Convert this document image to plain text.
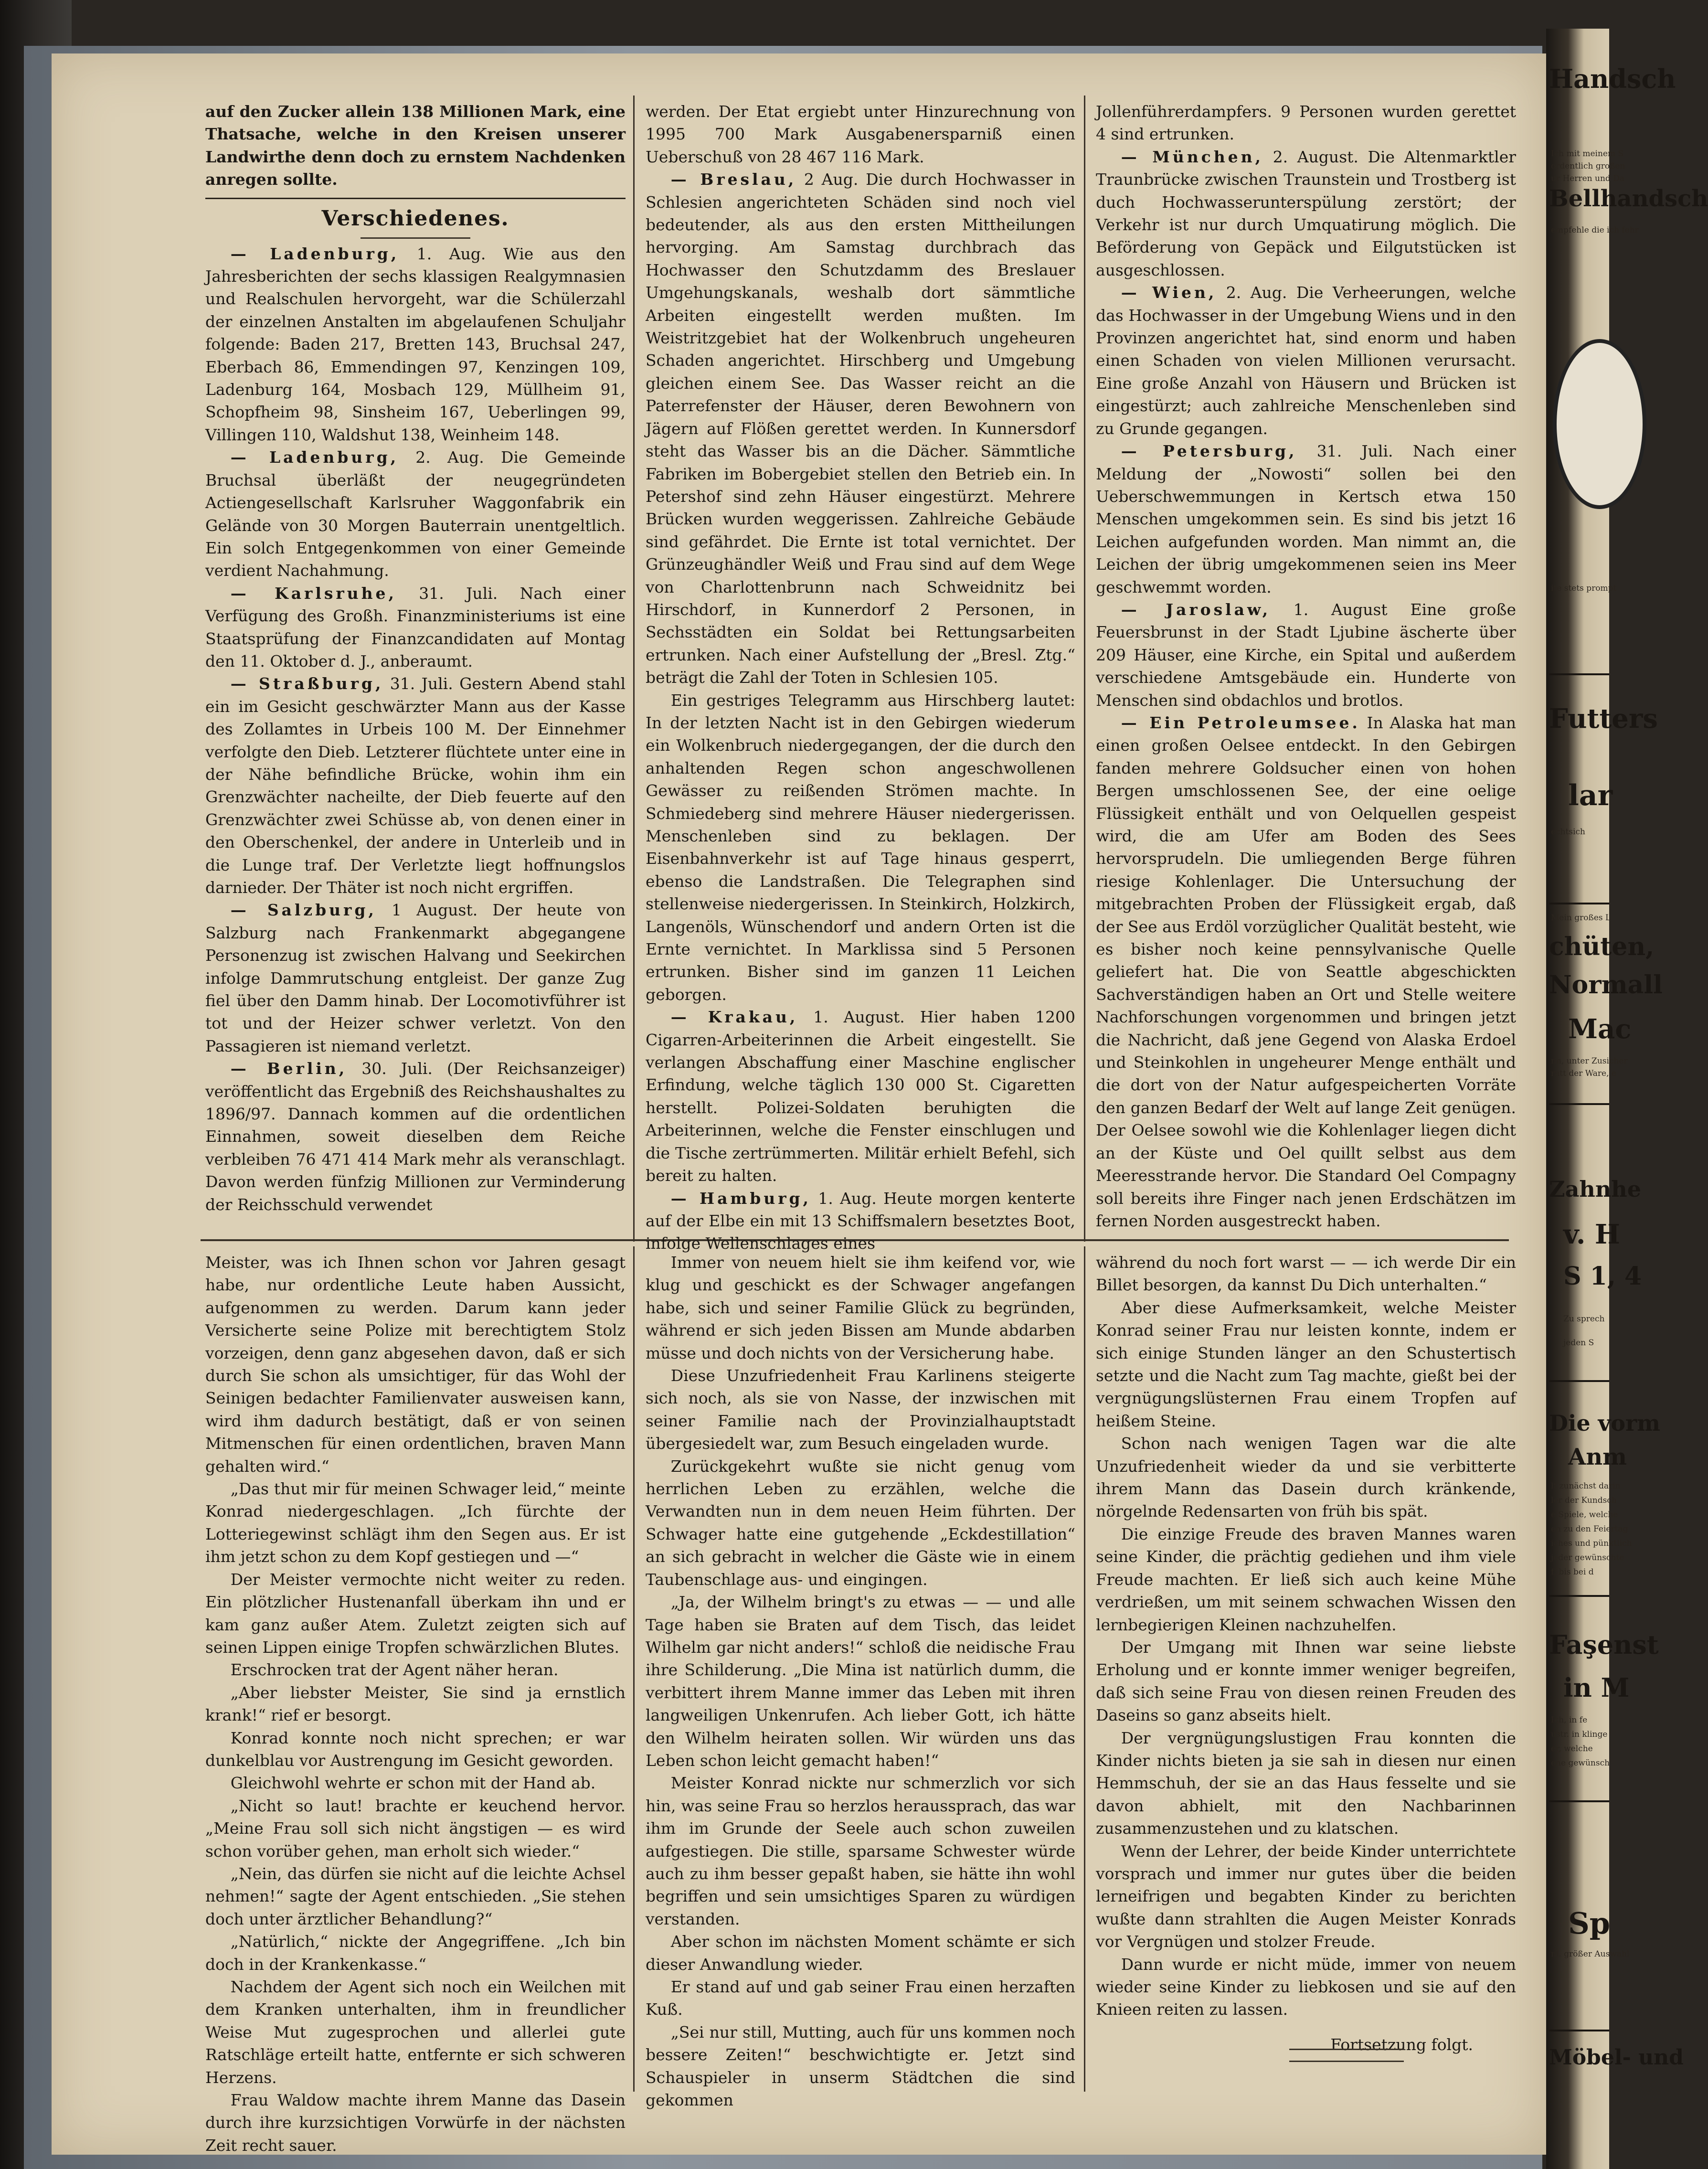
auf den Zucker allein 138 Millionen Mark, eine Thatsache, welche in den Kreisen unserer Landwirthe denn doch zu ernstem Nachdenken anregen sollte.

Verschiedenes.

— Ladenburg, 1. Aug. Wie aus den Jahresberichten der sechs klassigen Realgymnasien und Realschulen hervorgeht, war die Schülerzahl der einzelnen Anstalten im abgelaufenen Schuljahr folgende: Baden 217, Bretten 143, Bruchsal 247, Eberbach 86, Emmendingen 97, Kenzingen 109, Ladenburg 164, Mosbach 129, Müllheim 91, Schopfheim 98, Sinsheim 167, Ueberlingen 99, Villingen 110, Waldshut 138, Weinheim 148.

— Ladenburg, 2. Aug. Die Gemeinde Bruchsal überläßt der neugegründeten Actiengesellschaft Karlsruher Waggonfabrik ein Gelände von 30 Morgen Bauterrain unentgeltlich. Ein solch Entgegenkommen von einer Gemeinde verdient Nachahmung.

— Karlsruhe, 31. Juli. Nach einer Verfügung des Großh. Finanzministeriums ist eine Staatsprüfung der Finanzcandidaten auf Montag den 11. Oktober d. J., anberaumt.

— Straßburg, 31. Juli. Gestern Abend stahl ein im Gesicht geschwärzter Mann aus der Kasse des Zollamtes in Urbeis 100 M. Der Einnehmer verfolgte den Dieb. Letzterer flüchtete unter eine in der Nähe befindliche Brücke, wohin ihm ein Grenzwächter nacheilte, der Dieb feuerte auf den Grenzwächter zwei Schüsse ab, von denen einer in den Oberschenkel, der andere in Unterleib und in die Lunge traf. Der Verletzte liegt hoffnungslos darnieder. Der Thäter ist noch nicht ergriffen.

— Salzburg, 1 August. Der heute von Salzburg nach Frankenmarkt abgegangene Personenzug ist zwischen Halvang und Seekirchen infolge Dammrutschung entgleist. Der ganze Zug fiel über den Damm hinab. Der Locomotivführer ist tot und der Heizer schwer verletzt. Von den Passagieren ist niemand verletzt.

— Berlin, 30. Juli. (Der Reichsanzeiger) veröffentlicht das Ergebniß des Reichshaushaltes zu 1896/97. Dannach kommen auf die ordentlichen Einnahmen, soweit dieselben dem Reiche verbleiben 76 471 414 Mark mehr als veranschlagt. Davon werden fünfzig Millionen zur Verminderung der Reichsschuld verwendet

werden. Der Etat ergiebt unter Hinzurechnung von 1995 700 Mark Ausgabenersparniß einen Ueberschuß von 28 467 116 Mark.

— Breslau, 2 Aug. Die durch Hochwasser in Schlesien angerichteten Schäden sind noch viel bedeutender, als aus den ersten Mittheilungen hervorging. Am Samstag durchbrach das Hochwasser den Schutzdamm des Breslauer Umgehungskanals, weshalb dort sämmtliche Arbeiten eingestellt werden mußten. Im Weistritzgebiet hat der Wolkenbruch ungeheuren Schaden angerichtet. Hirschberg und Umgebung gleichen einem See. Das Wasser reicht an die Paterrefenster der Häuser, deren Bewohnern von Jägern auf Flößen gerettet werden. In Kunnersdorf steht das Wasser bis an die Dächer. Sämmtliche Fabriken im Bobergebiet stellen den Betrieb ein. In Petershof sind zehn Häuser eingestürzt. Mehrere Brücken wurden weggerissen. Zahlreiche Gebäude sind gefährdet. Die Ernte ist total vernichtet. Der Grünzeughändler Weiß und Frau sind auf dem Wege von Charlottenbrunn nach Schweidnitz bei Hirschdorf, in Kunnerdorf 2 Personen, in Sechsstädten ein Soldat bei Rettungsarbeiten ertrunken. Nach einer Aufstellung der „Bresl. Ztg.“ beträgt die Zahl der Toten in Schlesien 105.

Ein gestriges Telegramm aus Hirschberg lautet: In der letzten Nacht ist in den Gebirgen wiederum ein Wolkenbruch niedergegangen, der die durch den anhaltenden Regen schon angeschwollenen Gewässer zu reißenden Strömen machte. In Schmiedeberg sind mehrere Häuser niedergerissen. Menschenleben sind zu beklagen. Der Eisenbahnverkehr ist auf Tage hinaus gesperrt, ebenso die Landstraßen. Die Telegraphen sind stellenweise niedergerissen. In Steinkirch, Holzkirch, Langenöls, Wünschendorf und andern Orten ist die Ernte vernichtet. In Marklissa sind 5 Personen ertrunken. Bisher sind im ganzen 11 Leichen geborgen.

— Krakau, 1. August. Hier haben 1200 Cigarren-Arbeiterinnen die Arbeit eingestellt. Sie verlangen Abschaffung einer Maschine englischer Erfindung, welche täglich 130 000 St. Cigaretten herstellt. Polizei-Soldaten beruhigten die Arbeiterinnen, welche die Fenster einschlugen und die Tische zertrümmerten. Militär erhielt Befehl, sich bereit zu halten.

— Hamburg, 1. Aug. Heute morgen kenterte auf der Elbe ein mit 13 Schiffsmalern besetztes Boot, infolge Wellenschlages eines

Jollenführerdampfers. 9 Personen wurden gerettet 4 sind ertrunken.

— München, 2. August. Die Altenmarktler Traunbrücke zwischen Traunstein und Trostberg ist duch Hochwasserunterspülung zerstört; der Verkehr ist nur durch Umquatirung möglich. Die Beförderung von Gepäck und Eilgutstücken ist ausgeschlossen.

— Wien, 2. Aug. Die Verheerungen, welche das Hochwasser in der Umgebung Wiens und in den Provinzen angerichtet hat, sind enorm und haben einen Schaden von vielen Millionen verursacht. Eine große Anzahl von Häusern und Brücken ist eingestürzt; auch zahlreiche Menschenleben sind zu Grunde gegangen.

— Petersburg, 31. Juli. Nach einer Meldung der „Nowosti“ sollen bei den Ueberschwemmungen in Kertsch etwa 150 Menschen umgekommen sein. Es sind bis jetzt 16 Leichen aufgefunden worden. Man nimmt an, die Leichen der übrig umgekommenen seien ins Meer geschwemmt worden.

— Jaroslaw, 1. August Eine große Feuersbrunst in der Stadt Ljubine äscherte über 209 Häuser, eine Kirche, ein Spital und außerdem verschiedene Amtsgebäude ein. Hunderte von Menschen sind obdachlos und brotlos.

— Ein Petroleumsee. In Alaska hat man einen großen Oelsee entdeckt. In den Gebirgen fanden mehrere Goldsucher einen von hohen Bergen umschlossenen See, der eine oelige Flüssigkeit enthält und von Oelquellen gespeist wird, die am Ufer am Boden des Sees hervorsprudeln. Die umliegenden Berge führen riesige Kohlenlager. Die Untersuchung der mitgebrachten Proben der Flüssigkeit ergab, daß der See aus Erdöl vorzüglicher Qualität besteht, wie es bisher noch keine pennsylvanische Quelle geliefert hat. Die von Seattle abgeschickten Sachverständigen haben an Ort und Stelle weitere Nachforschungen vorgenommen und bringen jetzt die Nachricht, daß jene Gegend von Alaska Erdoel und Steinkohlen in ungeheurer Menge enthält und die dort von der Natur aufgespeicherten Vorräte den ganzen Bedarf der Welt auf lange Zeit genügen. Der Oelsee sowohl wie die Kohlenlager liegen dicht an der Küste und Oel quillt selbst aus dem Meeresstrande hervor. Die Standard Oel Compagny soll bereits ihre Finger nach jenen Erdschätzen im fernen Norden ausgestreckt haben.

Meister, was ich Ihnen schon vor Jahren gesagt habe, nur ordentliche Leute haben Aussicht, aufgenommen zu werden. Darum kann jeder Versicherte seine Polize mit berechtigtem Stolz vorzeigen, denn ganz abgesehen davon, daß er sich durch Sie schon als umsichtiger, für das Wohl der Seinigen bedachter Familienvater ausweisen kann, wird ihm dadurch bestätigt, daß er von seinen Mitmenschen für einen ordentlichen, braven Mann gehalten wird.“

„Das thut mir für meinen Schwager leid,“ meinte Konrad niedergeschlagen. „Ich fürchte der Lotteriegewinst schlägt ihm den Segen aus. Er ist ihm jetzt schon zu dem Kopf gestiegen und —“

Der Meister vermochte nicht weiter zu reden. Ein plötzlicher Hustenanfall überkam ihn und er kam ganz außer Atem. Zuletzt zeigten sich auf seinen Lippen einige Tropfen schwärzlichen Blutes.

Erschrocken trat der Agent näher heran.

„Aber liebster Meister, Sie sind ja ernstlich krank!“ rief er besorgt.

Konrad konnte noch nicht sprechen; er war dunkelblau vor Austrengung im Gesicht geworden.

Gleichwohl wehrte er schon mit der Hand ab.

„Nicht so laut! brachte er keuchend hervor. „Meine Frau soll sich nicht ängstigen — es wird schon vorüber gehen, man erholt sich wieder.“

„Nein, das dürfen sie nicht auf die leichte Achsel nehmen!“ sagte der Agent entschieden. „Sie stehen doch unter ärztlicher Behandlung?“

„Natürlich,“ nickte der Angegriffene. „Ich bin doch in der Krankenkasse.“

Nachdem der Agent sich noch ein Weilchen mit dem Kranken unterhalten, ihm in freundlicher Weise Mut zugesprochen und allerlei gute Ratschläge erteilt hatte, entfernte er sich schweren Herzens.

Frau Waldow machte ihrem Manne das Dasein durch ihre kurzsichtigen Vorwürfe in der nächsten Zeit recht sauer.

Immer von neuem hielt sie ihm keifend vor, wie klug und geschickt es der Schwager angefangen habe, sich und seiner Familie Glück zu begründen, während er sich jeden Bissen am Munde abdarben müsse und doch nichts von der Versicherung habe.

Diese Unzufriedenheit Frau Karlinens steigerte sich noch, als sie von Nasse, der inzwischen mit seiner Familie nach der Provinzialhauptstadt übergesiedelt war, zum Besuch eingeladen wurde.

Zurückgekehrt wußte sie nicht genug vom herrlichen Leben zu erzählen, welche die Verwandten nun in dem neuen Heim führten. Der Schwager hatte eine gutgehende „Eckdestillation“ an sich gebracht in welcher die Gäste wie in einem Taubenschlage aus- und eingingen.

„Ja, der Wilhelm bringt's zu etwas — — und alle Tage haben sie Braten auf dem Tisch, das leidet Wilhelm gar nicht anders!“ schloß die neidische Frau ihre Schilderung. „Die Mina ist natürlich dumm, die verbittert ihrem Manne immer das Leben mit ihren langweiligen Unkenrufen. Ach lieber Gott, ich hätte den Wilhelm heiraten sollen. Wir würden uns das Leben schon leicht gemacht haben!“

Meister Konrad nickte nur schmerzlich vor sich hin, was seine Frau so herzlos heraussprach, das war ihm im Grunde der Seele auch schon zuweilen aufgestiegen. Die stille, sparsame Schwester würde auch zu ihm besser gepaßt haben, sie hätte ihn wohl begriffen und sein umsichtiges Sparen zu würdigen verstanden.

Aber schon im nächsten Moment schämte er sich dieser Anwandlung wieder.

Er stand auf und gab seiner Frau einen herzaften Kuß.

„Sei nur still, Mutting, auch für uns kommen noch bessere Zeiten!“ beschwichtigte er. Jetzt sind Schauspieler in unserm Städtchen die sind gekommen

während du noch fort warst — — ich werde Dir ein Billet besorgen, da kannst Du Dich unterhalten.“

Aber diese Aufmerksamkeit, welche Meister Konrad seiner Frau nur leisten konnte, indem er sich einige Stunden länger an den Schustertisch setzte und die Nacht zum Tag machte, gießt bei der vergnügungslüsternen Frau einem Tropfen auf heißem Steine.

Schon nach wenigen Tagen war die alte Unzufriedenheit wieder da und sie verbitterte ihrem Mann das Dasein durch kränkende, nörgelnde Redensarten von früh bis spät.

Die einzige Freude des braven Mannes waren seine Kinder, die prächtig gediehen und ihm viele Freude machten. Er ließ sich auch keine Mühe verdrießen, um mit seinem schwachen Wissen den lernbegierigen Kleinen nachzuhelfen.

Der Umgang mit Ihnen war seine liebste Erholung und er konnte immer weniger begreifen, daß sich seine Frau von diesen reinen Freuden des Daseins so ganz abseits hielt.

Der vergnügungslustigen Frau konnten die Kinder nichts bieten ja sie sah in diesen nur einen Hemmschuh, der sie an das Haus fesselte und sie davon abhielt, mit den Nachbarinnen zusammenzustehen und zu klatschen.

Wenn der Lehrer, der beide Kinder unterrichtete vorsprach und immer nur gutes über die beiden lerneifrigen und begabten Kinder zu berichten wußte dann strahlten die Augen Meister Konrads vor Vergnügen und stolzer Freude.

Dann wurde er nicht müde, immer von neuem wieder seine Kinder zu liebkosen und sie auf den Knieen reiten zu lassen.

Fortsetzung folgt.

Handsch
Ich mit meinem S
ordentlich großen
ur Herren und Da
Bellhandsch
empfehle die ich fehr
ite stets prompt
Futters
lar
echtsich
Mein großes L
chüten,
Normall
Mac
nn, unter Zusicher
ratt der Ware, e
Zahnhe
v. H
S 1, 4
Zu sprech
jeden S
Die vorm
Anm
lt zunächst darin
ler der Kundsch
e Spiele, welche
en zu den Feiertag
iches und pünktlich
jeder gewünschte
f, bis bei d
Faşenst
in M
Ich, in fe
ustr. in klinge
er, welche
ene gewünsch
Sp
ni. größer Auswahl
Möbel- und
